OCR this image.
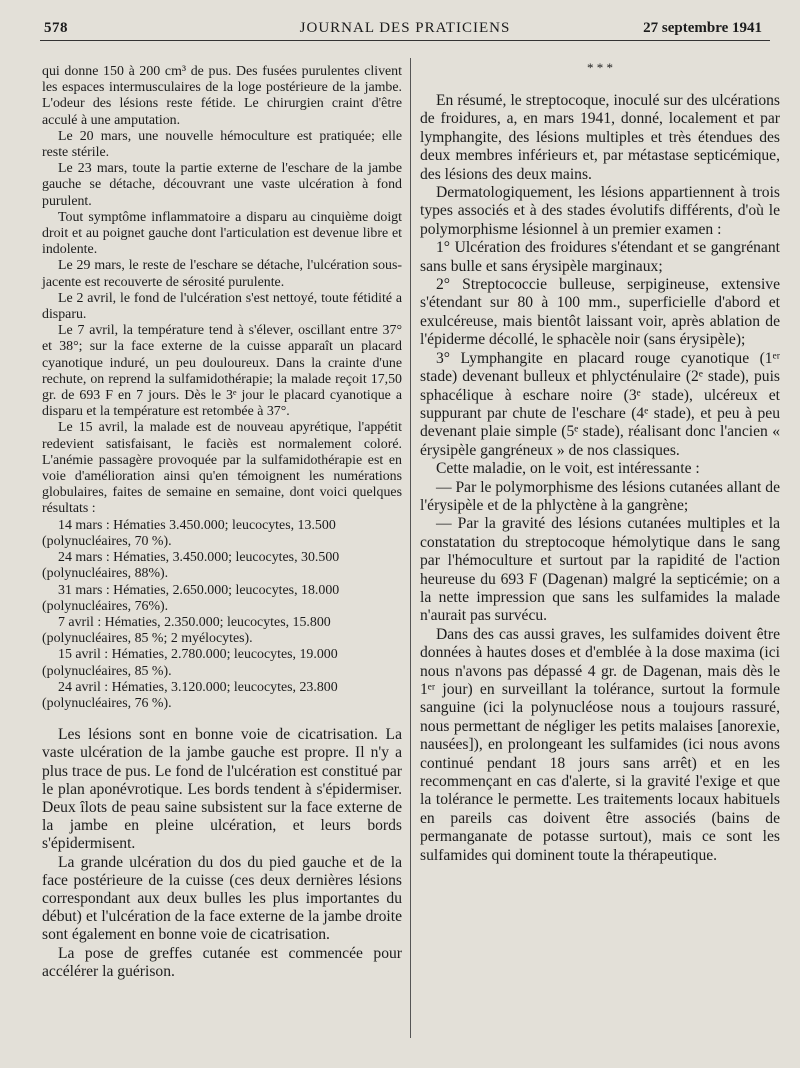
578	JOURNAL DES PRATICIENS	27 septembre 1941

qui donne 150 à 200 cm³ de pus. Des fusées purulentes clivent les espaces intermusculaires de la loge postérieure de la jambe. L'odeur des lésions reste fétide. Le chirurgien craint d'être acculé à une amputation.

Le 20 mars, une nouvelle hémoculture est pratiquée; elle reste stérile.

Le 23 mars, toute la partie externe de l'eschare de la jambe gauche se détache, découvrant une vaste ulcération à fond purulent.

Tout symptôme inflammatoire a disparu au cinquième doigt droit et au poignet gauche dont l'articulation est devenue libre et indolente.

Le 29 mars, le reste de l'eschare se détache, l'ulcération sous-jacente est recouverte de sérosité purulente.

Le 2 avril, le fond de l'ulcération s'est nettoyé, toute fétidité a disparu.

Le 7 avril, la température tend à s'élever, oscillant entre 37° et 38°; sur la face externe de la cuisse apparaît un placard cyanotique induré, un peu douloureux. Dans la crainte d'une rechute, on reprend la sulfamidothérapie; la malade reçoit 17,50 gr. de 693 F en 7 jours. Dès le 3ᵉ jour le placard cyanotique a disparu et la température est retombée à 37°.

Le 15 avril, la malade est de nouveau apyrétique, l'appétit redevient satisfaisant, le faciès est normalement coloré. L'anémie passagère provoquée par la sulfamidothérapie est en voie d'amélioration ainsi qu'en témoignent les numérations globulaires, faites de semaine en semaine, dont voici quelques résultats :

14 mars : Hématies 3.450.000; leucocytes, 13.500

(polynucléaires, 70 %).

24 mars : Hématies, 3.450.000; leucocytes, 30.500

(polynucléaires, 88%).

31 mars : Hématies, 2.650.000; leucocytes, 18.000

(polynucléaires, 76%).

7 avril : Hématies, 2.350.000; leucocytes, 15.800

(polynucléaires, 85 %; 2 myélocytes).

15 avril : Hématies, 2.780.000; leucocytes, 19.000

(polynucléaires, 85 %).

24 avril : Hématies, 3.120.000; leucocytes, 23.800

(polynucléaires, 76 %).

Les lésions sont en bonne voie de cicatrisation. La vaste ulcération de la jambe gauche est propre. Il n'y a plus trace de pus. Le fond de l'ulcération est constitué par le plan aponévrotique. Les bords tendent à s'épidermiser. Deux îlots de peau saine subsistent sur la face externe de la jambe en pleine ulcération, et leurs bords s'épidermisent.

La grande ulcération du dos du pied gauche et de la face postérieure de la cuisse (ces deux dernières lésions correspondant aux deux bulles les plus importantes du début) et l'ulcération de la face externe de la jambe droite sont également en bonne voie de cicatrisation.

La pose de greffes cutanée est commencée pour accélérer la guérison.

* * *

En résumé, le streptocoque, inoculé sur des ulcérations de froidures, a, en mars 1941, donné, localement et par lymphangite, des lésions multiples et très étendues des deux membres inférieurs et, par métastase septicémique, des lésions des deux mains.

Dermatologiquement, les lésions appartiennent à trois types associés et à des stades évolutifs différents, d'où le polymorphisme lésionnel à un premier examen :

1° Ulcération des froidures s'étendant et se gangrénant sans bulle et sans érysipèle marginaux;

2° Streptococcie bulleuse, serpigineuse, extensive s'étendant sur 80 à 100 mm., superficielle d'abord et exulcéreuse, mais bientôt laissant voir, après ablation de l'épiderme décollé, le sphacèle noir (sans érysipèle);

3° Lymphangite en placard rouge cyanotique (1ᵉʳ stade) devenant bulleux et phlycténulaire (2ᵉ stade), puis sphacélique à eschare noire (3ᵉ stade), ulcéreux et suppurant par chute de l'eschare (4ᵉ stade), et peu à peu devenant plaie simple (5ᵉ stade), réalisant donc l'ancien « érysipèle gangréneux » de nos classiques.

Cette maladie, on le voit, est intéressante :

— Par le polymorphisme des lésions cutanées allant de l'érysipèle et de la phlyctène à la gangrène;

— Par la gravité des lésions cutanées multiples et la constatation du streptocoque hémolytique dans le sang par l'hémoculture et surtout par la rapidité de l'action heureuse du 693 F (Dagenan) malgré la septicémie; on a la nette impression que sans les sulfamides la malade n'aurait pas survécu.

Dans des cas aussi graves, les sulfamides doivent être données à hautes doses et d'emblée à la dose maxima (ici nous n'avons pas dépassé 4 gr. de Dagenan, mais dès le 1ᵉʳ jour) en surveillant la tolérance, surtout la formule sanguine (ici la polynucléose nous a toujours rassuré, nous permettant de négliger les petits malaises [anorexie, nausées]), en prolongeant les sulfamides (ici nous avons continué pendant 18 jours sans arrêt) et en les recommençant en cas d'alerte, si la gravité l'exige et que la tolérance le permette. Les traitements locaux habituels en pareils cas doivent être associés (bains de permanganate de potasse surtout), mais ce sont les sulfamides qui dominent toute la thérapeutique.
